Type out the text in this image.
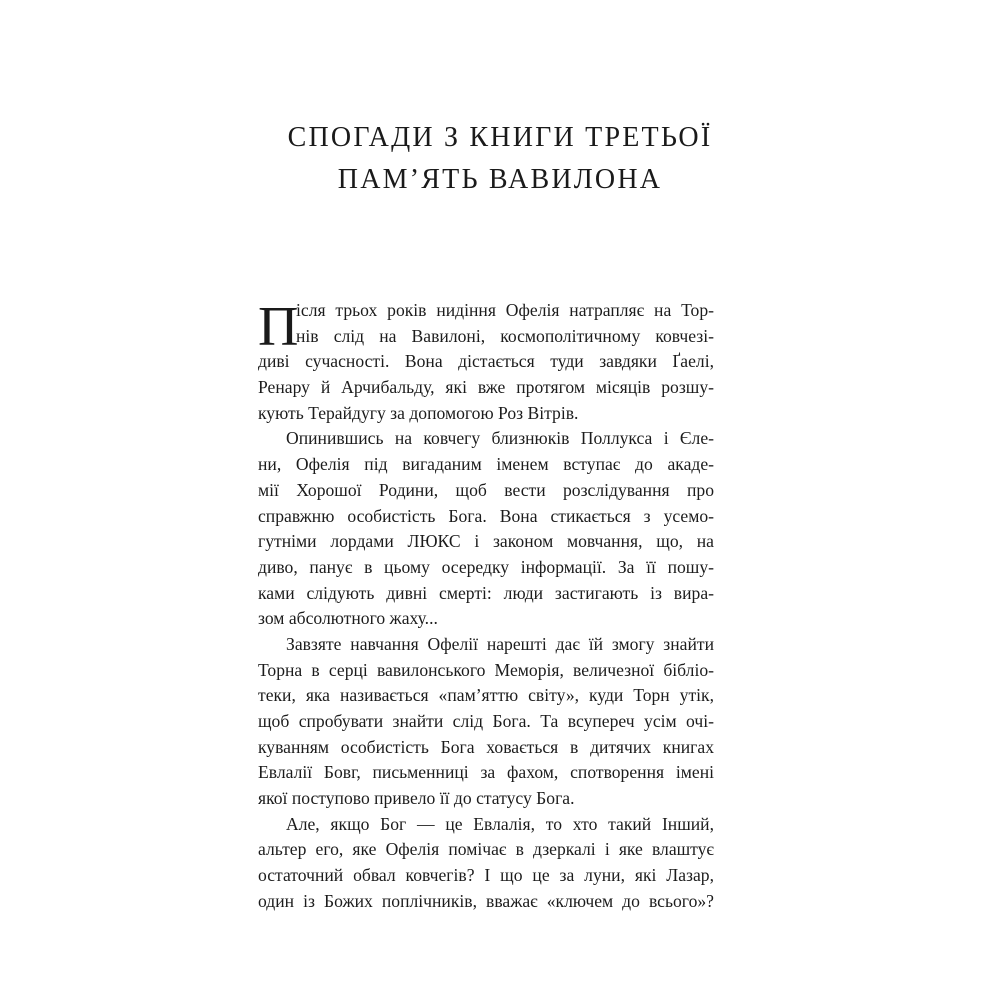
СПОГАДИ З КНИГИ ТРЕТЬОЇ
ПАМ’ЯТЬ ВАВИЛОНА
П

ісля трьох років нидіння Офелія натрапляє на Тор-

нів слід на Вавилоні, космополітичному ковчезі-

диві сучасності. Вона дістається туди завдяки Ґаелі,

Ренару й Арчибальду, які вже протягом місяців розшу-

кують Терайдугу за допомогою Роз Вітрів.

Опинившись на ковчегу близнюків Поллукса і Єле-

ни, Офелія під вигаданим іменем вступає до акаде-

мії Хорошої Родини, щоб вести розслідування про

справжню особистість Бога. Вона стикається з усемо-

гутніми лордами ЛЮКС і законом мовчання, що, на

диво, панує в цьому осередку інформації. За її пошу-

ками слідують дивні смерті: люди застигають із вира-

зом абсолютного жаху...

Завзяте навчання Офелії нарешті дає їй змогу знайти

Торна в серці вавилонського Меморія, величезної бібліо-

теки, яка називається «пам’яттю світу», куди Торн утік,

щоб спробувати знайти слід Бога. Та всупереч усім очі-

куванням особистість Бога ховається в дитячих книгах

Евлалії Бовг, письменниці за фахом, спотворення імені

якої поступово привело її до статусу Бога.

Але, якщо Бог — це Евлалія, то хто такий Інший,

альтер его, яке Офелія помічає в дзеркалі і яке влаштує

остаточний обвал ковчегів? І що це за луни, які Лазар,

один із Божих поплічників, вважає «ключем до всього»?
